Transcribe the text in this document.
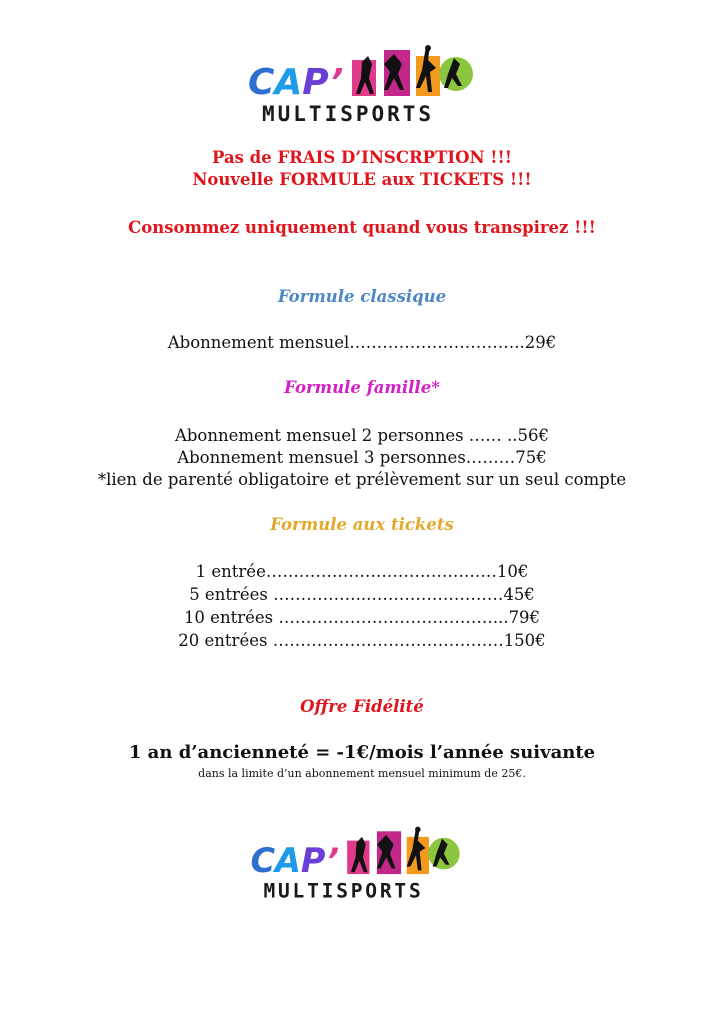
CAP’
MULTISPORTS
Pas de FRAIS D’INSCRPTION !!!
Nouvelle FORMULE aux TICKETS !!!
Consommez uniquement quand vous transpirez !!!
Formule classique
Abonnement mensuel…………………………..29€
Formule famille*
Abonnement mensuel 2 personnes …… ..56€
Abonnement mensuel 3 personnes………75€
*lien de parenté obligatoire et prélèvement sur un seul compte
Formule aux tickets
1 entrée……………………………………10€
5 entrées ……………...……………………45€
10 entrées …………………………………...79€
20 entrées ……………………………………150€
Offre Fidélité
1 an d’ancienneté = -1€/mois l’année suivante
dans la limite d’un abonnement mensuel minimum de 25€.
CAP’
MULTISPORTS
